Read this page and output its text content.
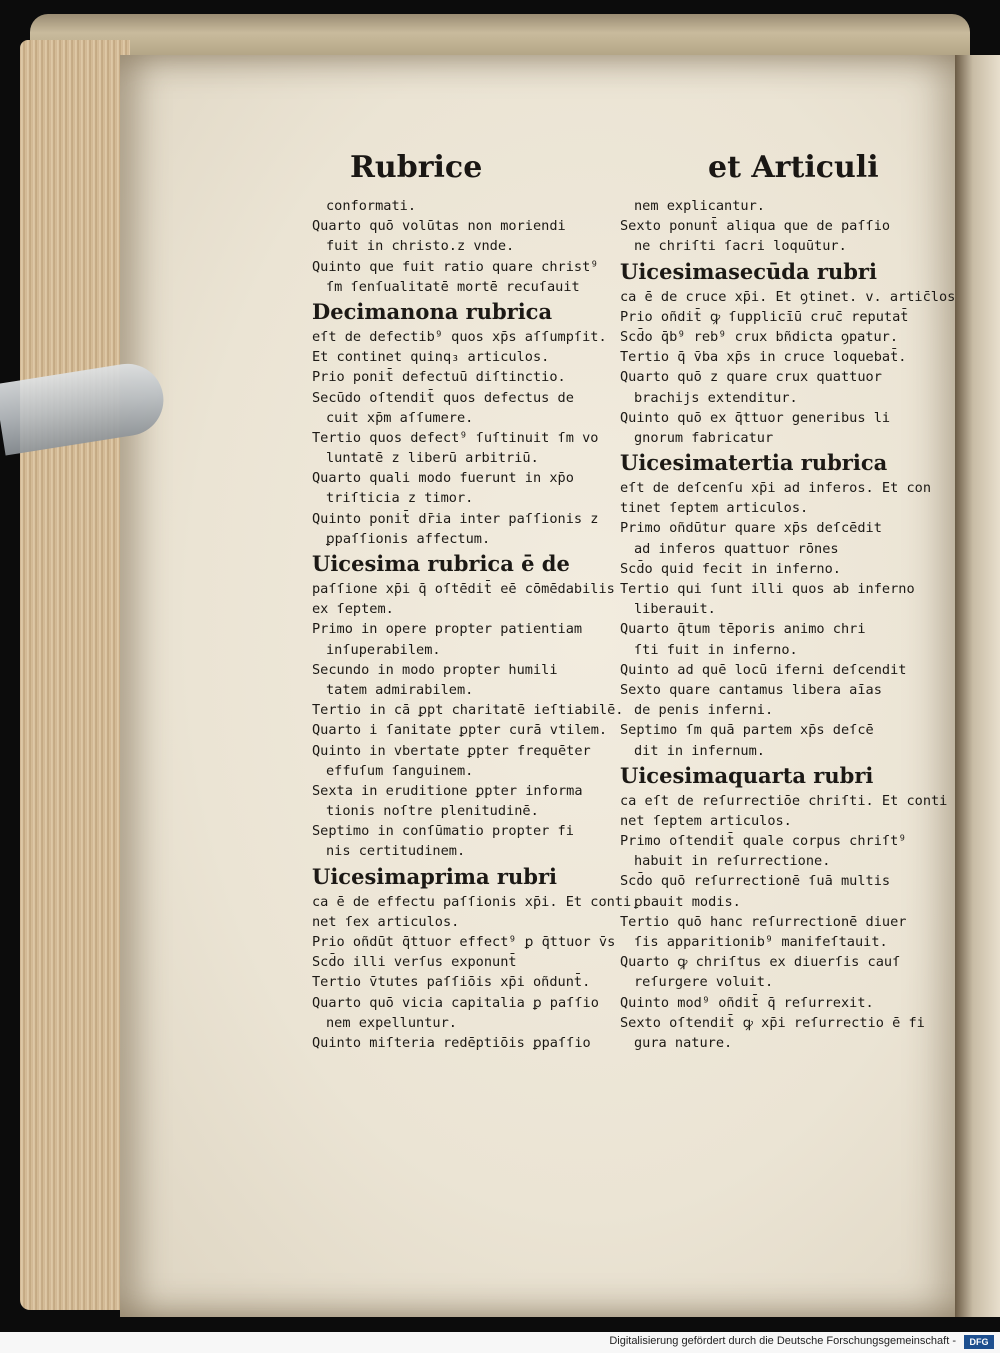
Rubrice	et Articuli
conformati.
Quarto quō volūtas non moriendi
fuit in christo.z vnde.
Quinto que fuit ratio quare christ⁹
ſm ſenſualitatē mortē recuſauit
Decimanona rubrica
eſt de defectib⁹ quos xp̄s aſſumpſit.
Et continet quinq₃ articulos.
Prio ponit̄ defectuū diſtinctio.
Secūdo oſtendit̄ quos defectus de
cuit xp̄m aſſumere.
Tertio quos defect⁹ ſuſtinuit ſm vo
luntatē z liberū arbitriū.
Quarto quali modo fuerunt in xp̄o
triſticia z timor.
Quinto ponit̄ dr̄ia inter paſſionis z
ꝑpaſſionis affectum.
Uicesima rubrica ē de
paſſione xp̄i q̄ oſtēdit̄ eē cōmēdabilis
ex ſeptem.
Primo in opere propter patientiam
inſuperabilem.
Secundo in modo propter humili
tatem admirabilem.
Tertio in cā ꝑpt charitatē ieſtiabilē.
Quarto i ſanitate ꝑpter curā vtilem.
Quinto in vbertate ꝑpter frequēter
effuſum ſanguinem.
Sexta in eruditione ꝑpter informa
tionis noſtre plenitudinē.
Septimo in conſūmatio propter fi
nis certitudinem.
Uicesimaprima rubri
ca ē de effectu paſſionis xp̄i. Et conti
net ſex articulos.
Prio oñdūt q̄ttuor effect⁹ ꝑ q̄ttuor v̄s
Scd̄o illi verſus exponunt̄
Tertio v̄tutes paſſiōis xp̄i oñdunt̄.
Quarto quō vicia capitalia ꝑ paſſio
nem expelluntur.
Quinto miſteria redēptiōis ꝑpaſſio
nem explicantur.
Sexto ponunt̄ aliqua que de paſſio
ne chriſti ſacri loquūtur.
Uicesimasecūda rubri
ca ē de cruce xp̄i. Et ꝯtinet. v. artic̄los
Prio oñdit̄ ꝙ ſupplicīū cruc̄ reputat̄
Scd̄o q̄b⁹ reb⁹ crux bñdicta ꝯpatur.
Tertio q̄ v̄ba xp̄s in cruce loquebat̄.
Quarto quō z quare crux quattuor
brachijs extenditur.
Quinto quō ex q̄ttuor generibus li
gnorum fabricatur
Uicesimatertia rubrica
eſt de deſcenſu xp̄i ad inferos. Et con
tinet ſeptem articulos.
Primo oñdūtur quare xp̄s deſcēdit
ad inferos quattuor rōnes
Scd̄o quid fecit in inferno.
Tertio qui ſunt illi quos ab inferno
liberauit.
Quarto q̄tum tēporis animo chri
ſti fuit in inferno.
Quinto ad quē locū iferni deſcendit
Sexto quare cantamus libera aīas
de penis inferni.
Septimo ſm quā partem xp̄s deſcē
dit in infernum.
Uicesimaquarta rubri
ca eſt de reſurrectiōe chriſti. Et conti
net ſeptem articulos.
Primo oſtendit̄ quale corpus chriſt⁹
habuit in reſurrectione.
Scd̄o quō reſurrectionē ſuā multis
ꝑbauit modis.
Tertio quō hanc reſurrectionē diuer
ſis apparitionib⁹ manifeſtauit.
Quarto ꝙ chriſtus ex diuerſis cauſ
reſurgere voluit.
Quinto mod⁹ oñdit̄ q̄ reſurrexit.
Sexto oſtendit̄ ꝙ xp̄i reſurrectio ē fi
gura nature.
Digitalisierung gefördert durch die Deutsche Forschungsgemeinschaft -	DFG
